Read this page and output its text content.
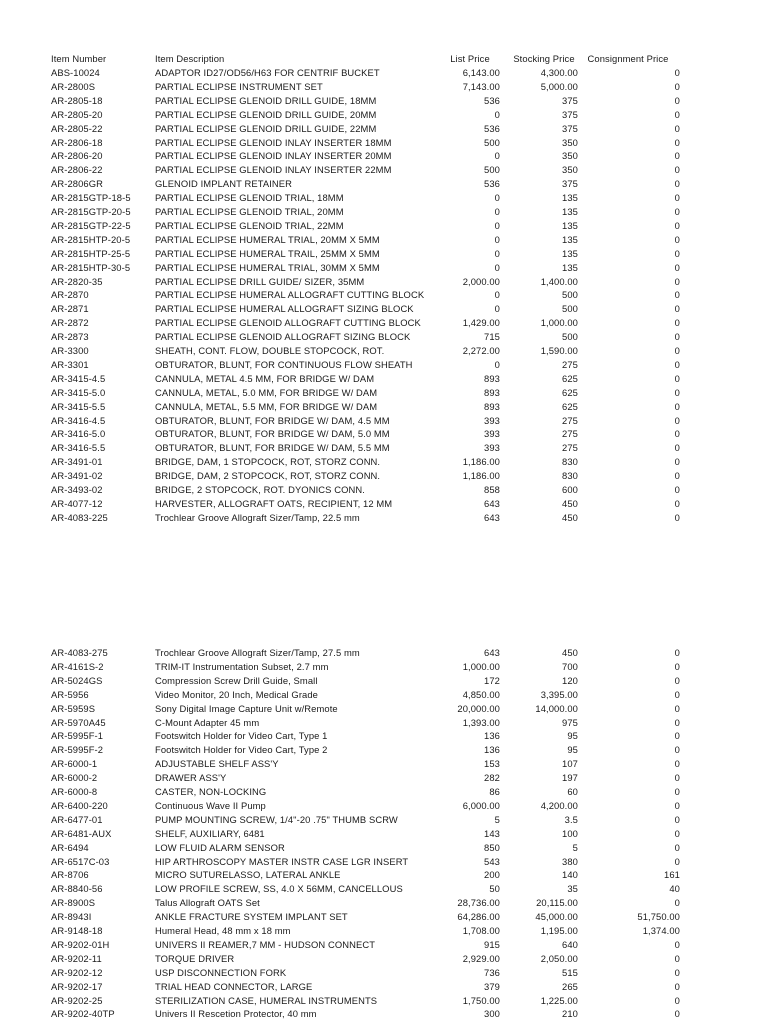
Item Number	Item Description	List Price	Stocking Price	Consignment Price
ABS-10024	ADAPTOR ID27/OD56/H63 FOR CENTRIF BUCKET	6,143.00	4,300.00	0
AR-2800S	PARTIAL ECLIPSE INSTRUMENT SET	7,143.00	5,000.00	0
AR-2805-18	PARTIAL ECLIPSE GLENOID DRILL GUIDE, 18MM	536	375	0
AR-2805-20	PARTIAL ECLIPSE GLENOID DRILL GUIDE, 20MM	0	375	0
AR-2805-22	PARTIAL ECLIPSE GLENOID DRILL GUIDE, 22MM	536	375	0
AR-2806-18	PARTIAL ECLIPSE GLENOID INLAY INSERTER 18MM	500	350	0
AR-2806-20	PARTIAL ECLIPSE GLENOID INLAY INSERTER 20MM	0	350	0
AR-2806-22	PARTIAL ECLIPSE GLENOID INLAY INSERTER 22MM	500	350	0
AR-2806GR	GLENOID IMPLANT RETAINER	536	375	0
AR-2815GTP-18-5	PARTIAL ECLIPSE GLENOID TRIAL, 18MM	0	135	0
AR-2815GTP-20-5	PARTIAL ECLIPSE GLENOID TRIAL, 20MM	0	135	0
AR-2815GTP-22-5	PARTIAL ECLIPSE GLENOID TRIAL, 22MM	0	135	0
AR-2815HTP-20-5	PARTIAL ECLIPSE HUMERAL TRIAL, 20MM X 5MM	0	135	0
AR-2815HTP-25-5	PARTIAL ECLIPSE HUMERAL TRAIL, 25MM X 5MM	0	135	0
AR-2815HTP-30-5	PARTIAL ECLIPSE HUMERAL TRIAL, 30MM X 5MM	0	135	0
AR-2820-35	PARTIAL ECLIPSE DRILL GUIDE/ SIZER, 35MM	2,000.00	1,400.00	0
AR-2870	PARTIAL ECLIPSE HUMERAL ALLOGRAFT CUTTING BLOCK	0	500	0
AR-2871	PARTIAL ECLIPSE HUMERAL ALLOGRAFT SIZING BLOCK	0	500	0
AR-2872	PARTIAL ECLIPSE GLENOID ALLOGRAFT CUTTING BLOCK	1,429.00	1,000.00	0
AR-2873	PARTIAL ECLIPSE GLENOID ALLOGRAFT SIZING BLOCK	715	500	0
AR-3300	SHEATH, CONT. FLOW, DOUBLE STOPCOCK, ROT.	2,272.00	1,590.00	0
AR-3301	OBTURATOR, BLUNT, FOR CONTINUOUS FLOW SHEATH	0	275	0
AR-3415-4.5	CANNULA, METAL 4.5 MM, FOR BRIDGE W/ DAM	893	625	0
AR-3415-5.0	CANNULA, METAL, 5.0 MM, FOR BRIDGE W/ DAM	893	625	0
AR-3415-5.5	CANNULA, METAL, 5.5 MM, FOR BRIDGE W/ DAM	893	625	0
AR-3416-4.5	OBTURATOR, BLUNT, FOR BRIDGE W/ DAM, 4.5 MM	393	275	0
AR-3416-5.0	OBTURATOR, BLUNT, FOR BRIDGE W/ DAM, 5.0 MM	393	275	0
AR-3416-5.5	OBTURATOR, BLUNT, FOR BRIDGE W/ DAM, 5.5 MM	393	275	0
AR-3491-01	BRIDGE, DAM, 1 STOPCOCK, ROT, STORZ CONN.	1,186.00	830	0
AR-3491-02	BRIDGE, DAM, 2 STOPCOCK, ROT, STORZ CONN.	1,186.00	830	0
AR-3493-02	BRIDGE, 2 STOPCOCK, ROT. DYONICS CONN.	858	600	0
AR-4077-12	HARVESTER, ALLOGRAFT OATS, RECIPIENT, 12 MM	643	450	0
AR-4083-225	Trochlear Groove Allograft Sizer/Tamp, 22.5 mm	643	450	0
AR-4083-275	Trochlear Groove Allograft Sizer/Tamp, 27.5 mm	643	450	0
AR-4161S-2	TRIM-IT Instrumentation Subset, 2.7 mm	1,000.00	700	0
AR-5024GS	Compression Screw Drill Guide, Small	172	120	0
AR-5956	Video Monitor, 20 Inch, Medical Grade	4,850.00	3,395.00	0
AR-5959S	Sony Digital Image Capture Unit w/Remote	20,000.00	14,000.00	0
AR-5970A45	C-Mount Adapter 45 mm	1,393.00	975	0
AR-5995F-1	Footswitch Holder for Video Cart, Type 1	136	95	0
AR-5995F-2	Footswitch Holder for Video Cart, Type 2	136	95	0
AR-6000-1	ADJUSTABLE SHELF ASS'Y	153	107	0
AR-6000-2	DRAWER ASS'Y	282	197	0
AR-6000-8	CASTER, NON-LOCKING	86	60	0
AR-6400-220	Continuous Wave II Pump	6,000.00	4,200.00	0
AR-6477-01	PUMP MOUNTING SCREW, 1/4"-20 .75" THUMB SCRW	5	3.5	0
AR-6481-AUX	SHELF, AUXILIARY, 6481	143	100	0
AR-6494	LOW FLUID ALARM SENSOR	850	5	0
AR-6517C-03	HIP ARTHROSCOPY MASTER INSTR CASE LGR INSERT	543	380	0
AR-8706	MICRO SUTURELASSO, LATERAL ANKLE	200	140	161
AR-8840-56	LOW PROFILE SCREW, SS, 4.0 X 56MM, CANCELLOUS	50	35	40
AR-8900S	Talus Allograft OATS Set	28,736.00	20,115.00	0
AR-8943I	ANKLE FRACTURE SYSTEM IMPLANT SET	64,286.00	45,000.00	51,750.00
AR-9148-18	Humeral Head, 48 mm x 18 mm	1,708.00	1,195.00	1,374.00
AR-9202-01H	UNIVERS II REAMER,7 MM - HUDSON CONNECT	915	640	0
AR-9202-11	TORQUE DRIVER	2,929.00	2,050.00	0
AR-9202-12	USP DISCONNECTION FORK	736	515	0
AR-9202-17	TRIAL HEAD CONNECTOR, LARGE	379	265	0
AR-9202-25	STERILIZATION CASE, HUMERAL INSTRUMENTS	1,750.00	1,225.00	0
AR-9202-40TP	Univers II Rescetion Protector, 40 mm	300	210	0
